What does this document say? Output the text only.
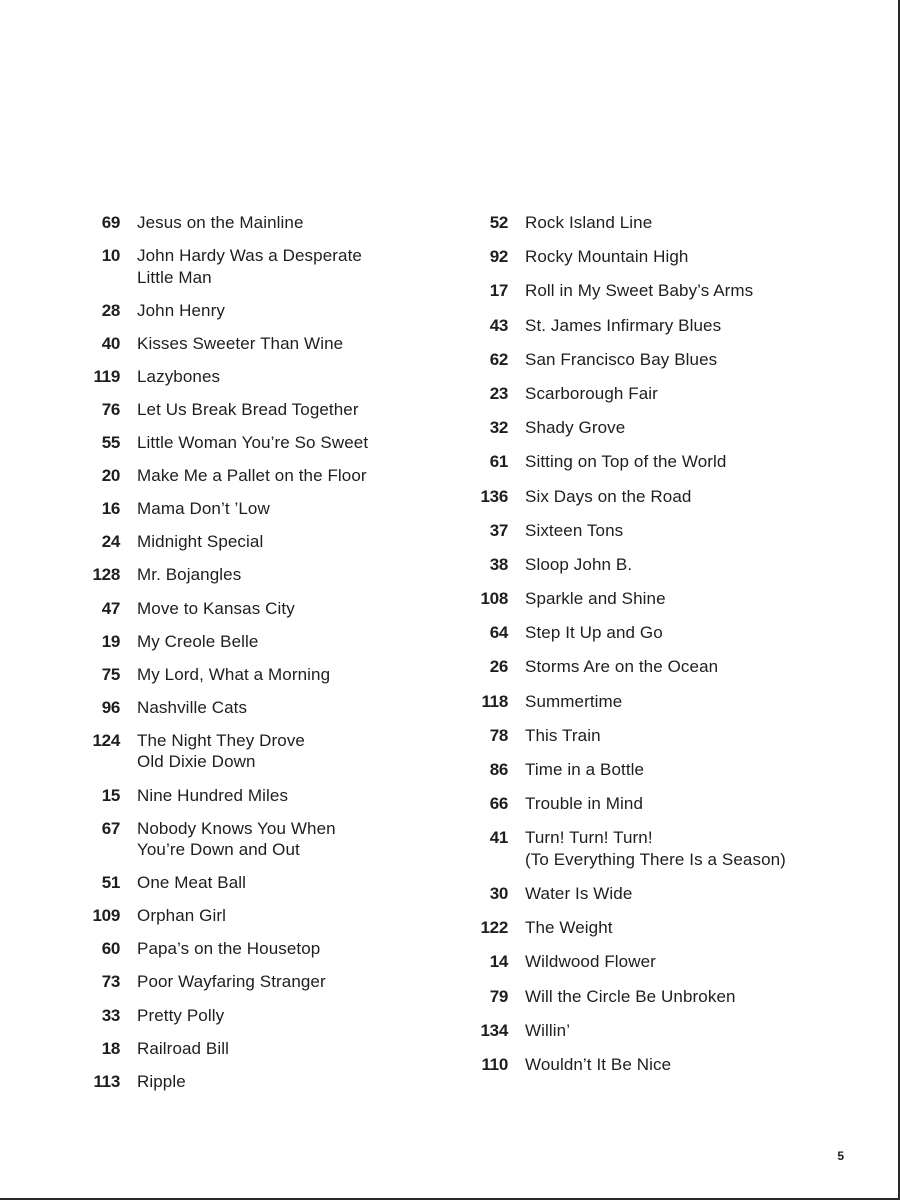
69	Jesus on the Mainline
10	John Hardy Was a Desperate
Little Man
28	John Henry
40	Kisses Sweeter Than Wine
119	Lazybones
76	Let Us Break Bread Together
55	Little Woman You’re So Sweet
20	Make Me a Pallet on the Floor
16	Mama Don’t ’Low
24	Midnight Special
128	Mr. Bojangles
47	Move to Kansas City
19	My Creole Belle
75	My Lord, What a Morning
96	Nashville Cats
124	The Night They Drove
Old Dixie Down
15	Nine Hundred Miles
67	Nobody Knows You When
You’re Down and Out
51	One Meat Ball
109	Orphan Girl
60	Papa’s on the Housetop
73	Poor Wayfaring Stranger
33	Pretty Polly
18	Railroad Bill
113	Ripple
52	Rock Island Line
92	Rocky Mountain High
17	Roll in My Sweet Baby’s Arms
43	St. James Infirmary Blues
62	San Francisco Bay Blues
23	Scarborough Fair
32	Shady Grove
61	Sitting on Top of the World
136	Six Days on the Road
37	Sixteen Tons
38	Sloop John B.
108	Sparkle and Shine
64	Step It Up and Go
26	Storms Are on the Ocean
118	Summertime
78	This Train
86	Time in a Bottle
66	Trouble in Mind
41	Turn! Turn! Turn!
(To Everything There Is a Season)
30	Water Is Wide
122	The Weight
14	Wildwood Flower
79	Will the Circle Be Unbroken
134	Willin’
110	Wouldn’t It Be Nice
5
